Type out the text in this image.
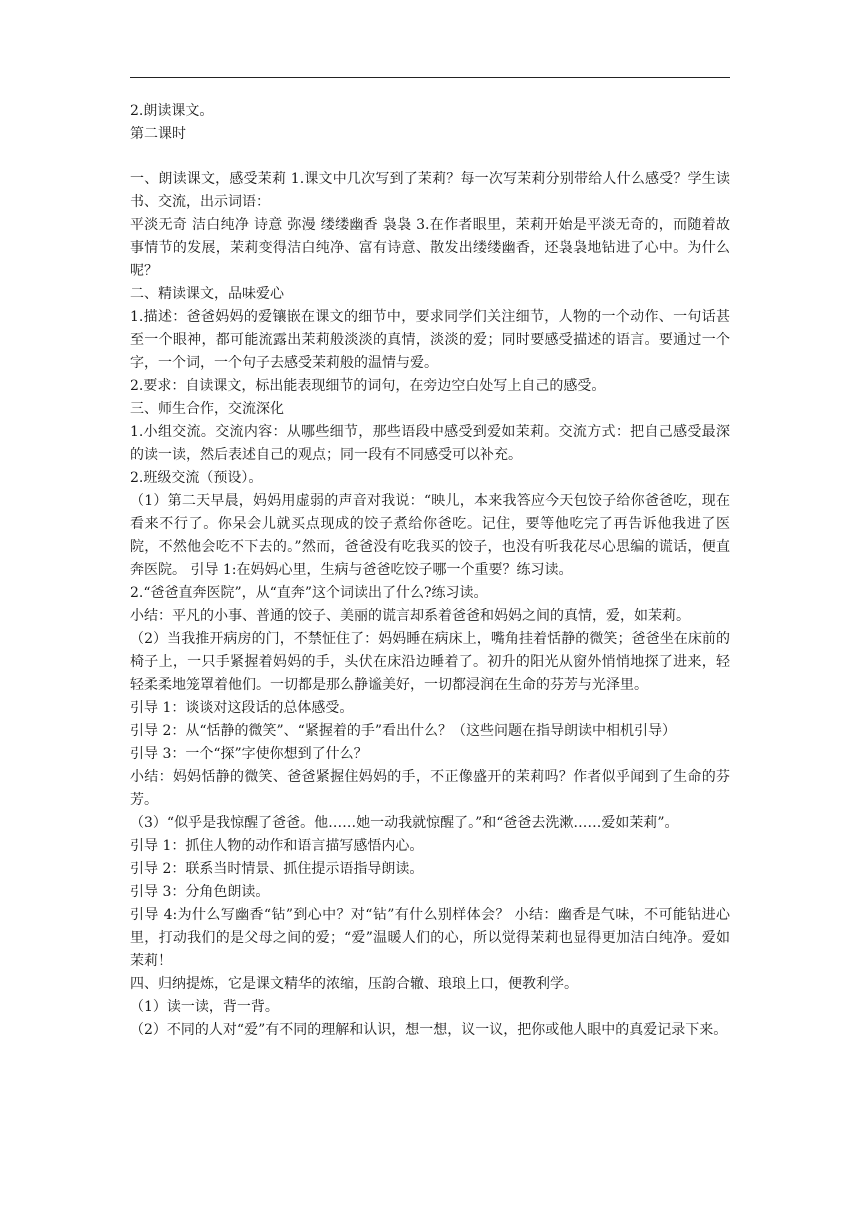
2.朗读课文。

第二课时

一、朗读课文，感受茉莉 1.课文中几次写到了茉莉？每一次写茉莉分别带给人什么感受？学生读书、交流，出示词语：

平淡无奇 洁白纯净 诗意 弥漫 缕缕幽香 袅袅 3.在作者眼里，茉莉开始是平淡无奇的，而随着故事情节的发展，茉莉变得洁白纯净、富有诗意、散发出缕缕幽香，还袅袅地钻进了心中。为什么呢？

二、精读课文，品味爱心

1.描述：爸爸妈妈的爱镶嵌在课文的细节中，要求同学们关注细节，人物的一个动作、一句话甚至一个眼神，都可能流露出茉莉般淡淡的真情，淡淡的爱；同时要感受描述的语言。要通过一个字，一个词，一个句子去感受茉莉般的温情与爱。

2.要求：自读课文，标出能表现细节的词句，在旁边空白处写上自己的感受。

三、师生合作，交流深化

1.小组交流。交流内容：从哪些细节，那些语段中感受到爱如茉莉。交流方式：把自己感受最深的读一读，然后表述自己的观点；同一段有不同感受可以补充。

2.班级交流（预设）。

（1）第二天早晨，妈妈用虚弱的声音对我说：“映儿，本来我答应今天包饺子给你爸爸吃，现在看来不行了。你呆会儿就买点现成的饺子煮给你爸吃。记住，要等他吃完了再告诉他我进了医院，不然他会吃不下去的。”然而，爸爸没有吃我买的饺子，也没有听我花尽心思编的谎话，便直奔医院。 引导 1:在妈妈心里，生病与爸爸吃饺子哪一个重要？练习读。

2.“爸爸直奔医院”，从“直奔”这个词读出了什么?练习读。

小结：平凡的小事、普通的饺子、美丽的谎言却系着爸爸和妈妈之间的真情，爱，如茉莉。

（2）当我推开病房的门，不禁怔住了：妈妈睡在病床上，嘴角挂着恬静的微笑；爸爸坐在床前的椅子上，一只手紧握着妈妈的手，头伏在床沿边睡着了。初升的阳光从窗外悄悄地探了进来，轻轻柔柔地笼罩着他们。一切都是那么静谧美好，一切都浸润在生命的芬芳与光泽里。

引导 1：谈谈对这段话的总体感受。

引导 2：从“恬静的微笑”、“紧握着的手”看出什么？（这些问题在指导朗读中相机引导）

引导 3：一个“探”字使你想到了什么？

小结：妈妈恬静的微笑、爸爸紧握住妈妈的手，不正像盛开的茉莉吗？作者似乎闻到了生命的芬芳。

（3）“似乎是我惊醒了爸爸。他……她一动我就惊醒了。”和“爸爸去洗漱……爱如茉莉”。

引导 1：抓住人物的动作和语言描写感悟内心。

引导 2：联系当时情景、抓住提示语指导朗读。

引导 3：分角色朗读。

引导 4:为什么写幽香“钻”到心中？对“钻”有什么别样体会？ 小结：幽香是气味，不可能钻进心里，打动我们的是父母之间的爱；“爱”温暖人们的心，所以觉得茉莉也显得更加洁白纯净。爱如茉莉！

四、归纳提炼，它是课文精华的浓缩，压韵合辙、琅琅上口，便教利学。

（1）读一读，背一背。

（2）不同的人对“爱”有不同的理解和认识，想一想，议一议，把你或他人眼中的真爱记录下来。
